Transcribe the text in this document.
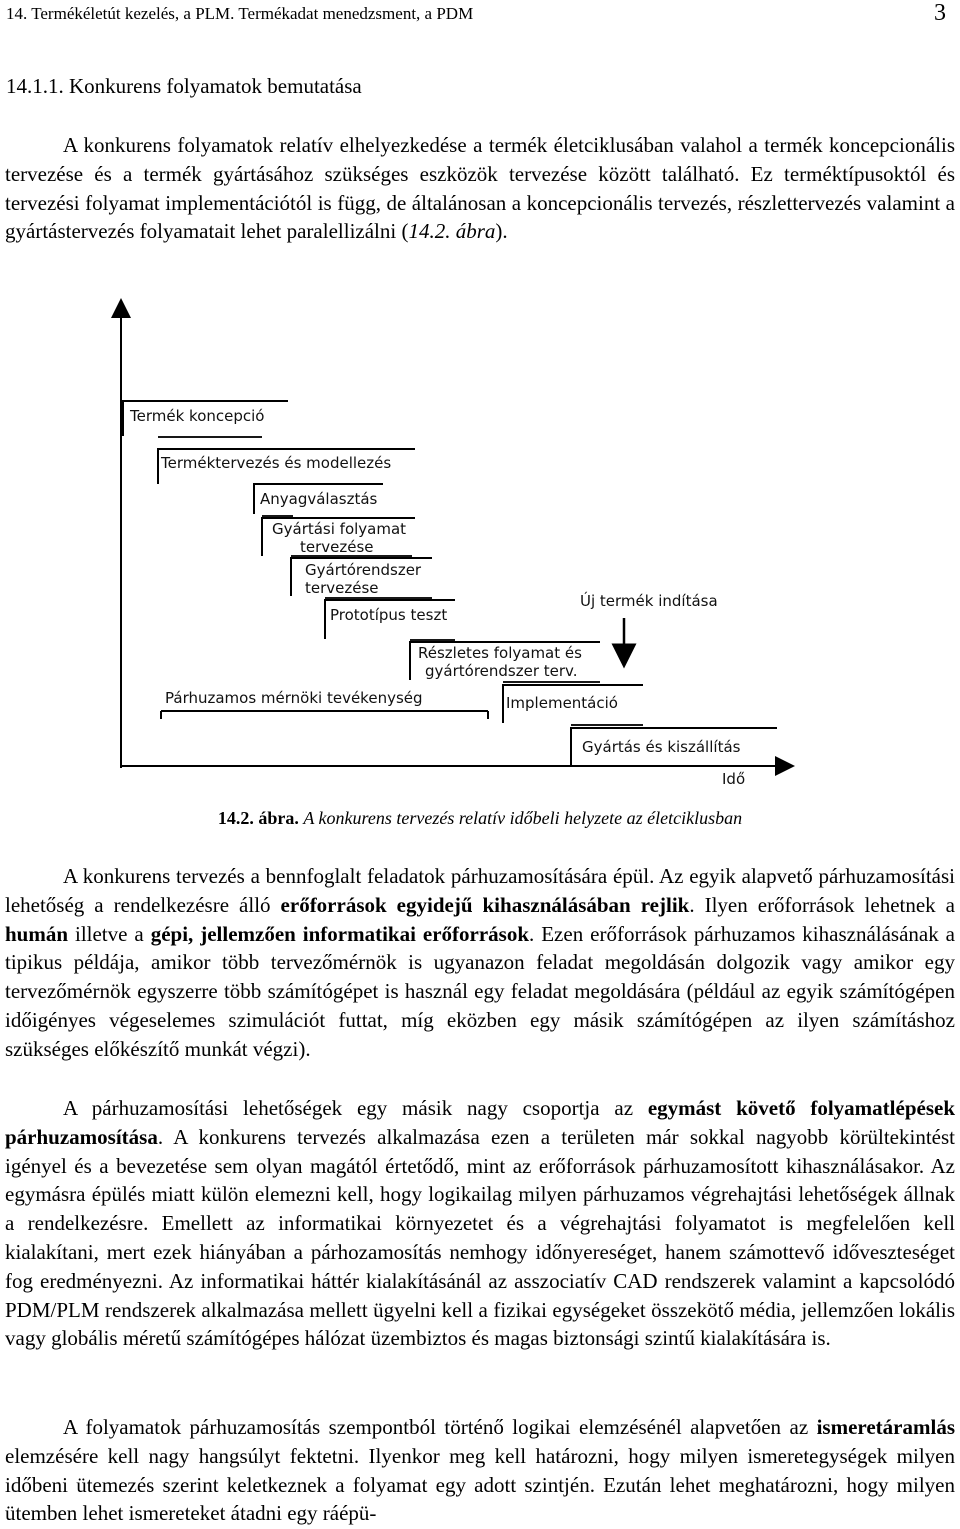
14. Termékéletút kezelés, a PLM. Termékadat menedzsment, a PDM	3
14.1.1. Konkurens folyamatok bemutatása

A konkurens folyamatok relatív elhelyezkedése a termék életciklusában valahol a termék koncepcionális tervezése és a termék gyártásához szükséges eszközök tervezése között található. Ez terméktípusoktól és tervezési folyamat implementációtól is függ, de általánosan a koncepcionális tervezés, részlettervezés valamint a gyártástervezés folyamatait lehet paralellizálni (14.2. ábra).

Termék koncepció
Terméktervezés és modellezés
Anyagválasztás
Gyártási folyamat
tervezése
Gyártórendszer
tervezése
Prototípus teszt
Részletes folyamat és
gyártórendszer terv.
Implementáció
Gyártás és kiszállítás
Párhuzamos mérnöki tevékenység
Új termék indítása
Idő
14.2. ábra. A konkurens tervezés relatív időbeli helyzete az életciklusban

A konkurens tervezés a bennfoglalt feladatok párhuzamosítására épül. Az egyik alapvető párhuzamosítási lehetőség a rendelkezésre álló erőforrások egyidejű kihasználásában rejlik. Ilyen erőforrások lehetnek a humán illetve a gépi, jellemzően informatikai erőforrások. Ezen erőforrások párhuzamos kihasználásának a tipikus példája, amikor több tervezőmérnök is ugyanazon feladat megoldásán dolgozik vagy amikor egy tervezőmérnök egyszerre több számítógépet is használ egy feladat megoldására (például az egyik számítógépen időigényes végeselemes szimulációt futtat, míg eközben egy másik számítógépen az ilyen számításhoz szükséges előkészítő munkát végzi).

A párhuzamosítási lehetőségek egy másik nagy csoportja az egymást követő folyamatlépések párhuzamosítása. A konkurens tervezés alkalmazása ezen a területen már sokkal nagyobb körültekintést igényel és a bevezetése sem olyan magától értetődő, mint az erőforrások párhuzamosított kihasználásakor. Az egymásra épülés miatt külön elemezni kell, hogy logikailag milyen párhuzamos végrehajtási lehetőségek állnak a rendelkezésre. Emellett az informatikai környezetet és a végrehajtási folyamatot is megfelelően kell kialakítani, mert ezek hiányában a párhozamosítás nemhogy időnyereséget, hanem számottevő időveszteséget fog eredményezni. Az informatikai háttér kialakításánál az asszociatív CAD rendszerek valamint a kapcsolódó PDM/PLM rendszerek alkalmazása mellett ügyelni kell a fizikai egységeket összekötő média, jellemzően lokális vagy globális méretű számítógépes hálózat üzembiztos és magas biztonsági szintű kialakítására is.

A folyamatok párhuzamosítás szempontból történő logikai elemzésénél alapvetően az ismeretáramlás elemzésére kell nagy hangsúlyt fektetni. Ilyenkor meg kell határozni, hogy milyen ismeretegységek milyen időbeni ütemezés szerint keletkeznek a folyamat egy adott szintjén. Ezután lehet meghatározni, hogy milyen ütemben lehet ismereteket átadni egy ráépü-
